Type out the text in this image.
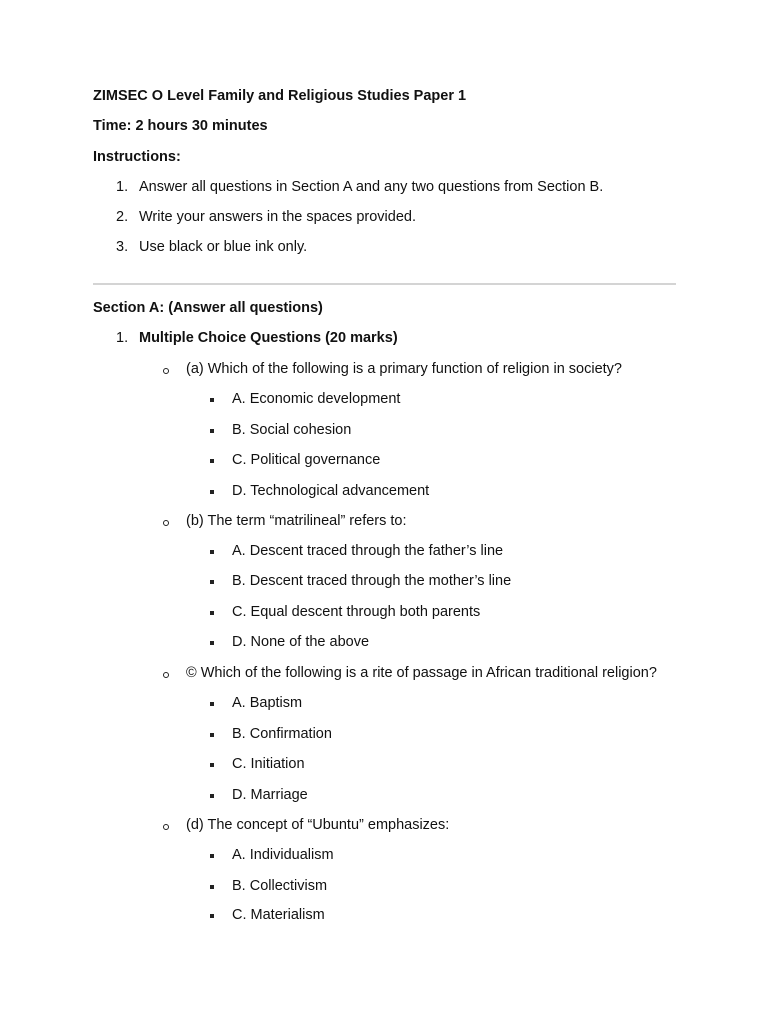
ZIMSEC O Level Family and Religious Studies Paper 1
Time: 2 hours 30 minutes
Instructions:
1. Answer all questions in Section A and any two questions from Section B.
2. Write your answers in the spaces provided.
3. Use black or blue ink only.
Section A: (Answer all questions)
1. Multiple Choice Questions (20 marks)
(a) Which of the following is a primary function of religion in society?
A. Economic development
B. Social cohesion
C. Political governance
D. Technological advancement
(b) The term “matrilineal” refers to:
A. Descent traced through the father’s line
B. Descent traced through the mother’s line
C. Equal descent through both parents
D. None of the above
© Which of the following is a rite of passage in African traditional religion?
A. Baptism
B. Confirmation
C. Initiation
D. Marriage
(d) The concept of “Ubuntu” emphasizes:
A. Individualism
B. Collectivism
C. Materialism
